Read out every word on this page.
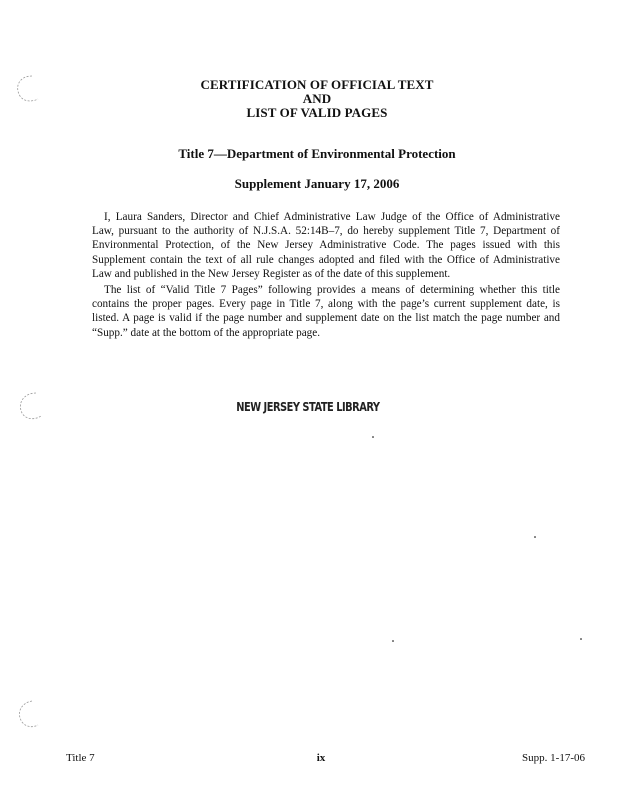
CERTIFICATION OF OFFICIAL TEXT
AND
LIST OF VALID PAGES
Title 7—Department of Environmental Protection
Supplement January 17, 2006

I, Laura Sanders, Director and Chief Administrative Law Judge of the Office of Administrative
Law, pursuant to the authority of N.J.S.A. 52:14B–7, do hereby supplement Title 7, Department of
Environmental Protection, of the New Jersey Administrative Code. The pages issued with this
Supplement contain the text of all rule changes adopted and filed with the Office of Administrative
Law and published in the New Jersey Register as of the date of this supplement.

The list of “Valid Title 7 Pages” following provides a means of determining whether this title
contains the proper pages. Every page in Title 7, along with the page’s current supplement date, is
listed. A page is valid if the page number and supplement date on the list match the page number and
“Supp.” date at the bottom of the appropriate page.

NEW JERSEY STATE LIBRARY
Title 7	ix	Supp. 1-17-06
